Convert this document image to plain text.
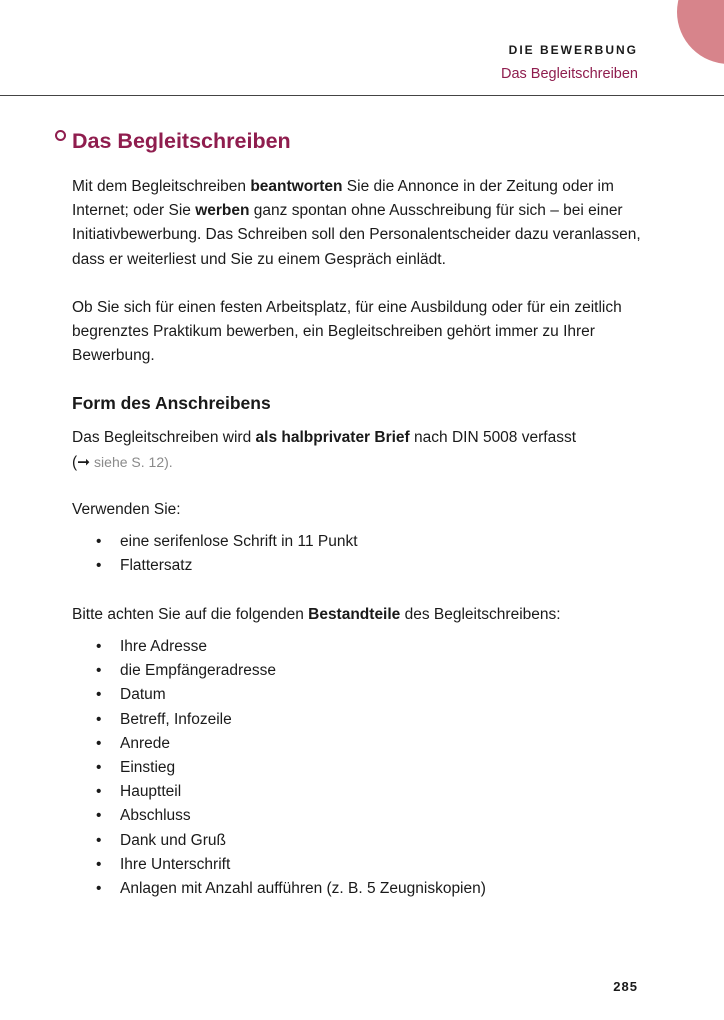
DIE BEWERBUNG
Das Begleitschreiben
Das Begleitschreiben

Mit dem Begleitschreiben beantworten Sie die Annonce in der Zeitung oder im Internet; oder Sie werben ganz spontan ohne Ausschreibung für sich – bei einer Initiativbewerbung. Das Schreiben soll den Personalentscheider dazu veranlassen, dass er weiterliest und Sie zu einem Gespräch einlädt.

Ob Sie sich für einen festen Arbeitsplatz, für eine Ausbildung oder für ein zeitlich begrenztes Praktikum bewerben, ein Begleitschreiben gehört immer zu Ihrer Bewerbung.

Form des Anschreibens

Das Begleitschreiben wird als halbprivater Brief nach DIN 5008 verfasst
(➞ siehe S. 12).

Verwenden Sie:

• eine serifenlose Schrift in 11 Punkt
• Flattersatz

Bitte achten Sie auf die folgenden Bestandteile des Begleitschreibens:

• Ihre Adresse
• die Empfängeradresse
• Datum
• Betreff, Infozeile
• Anrede
• Einstieg
• Hauptteil
• Abschluss
• Dank und Gruß
• Ihre Unterschrift
• Anlagen mit Anzahl aufführen (z. B. 5 Zeugniskopien)
285
